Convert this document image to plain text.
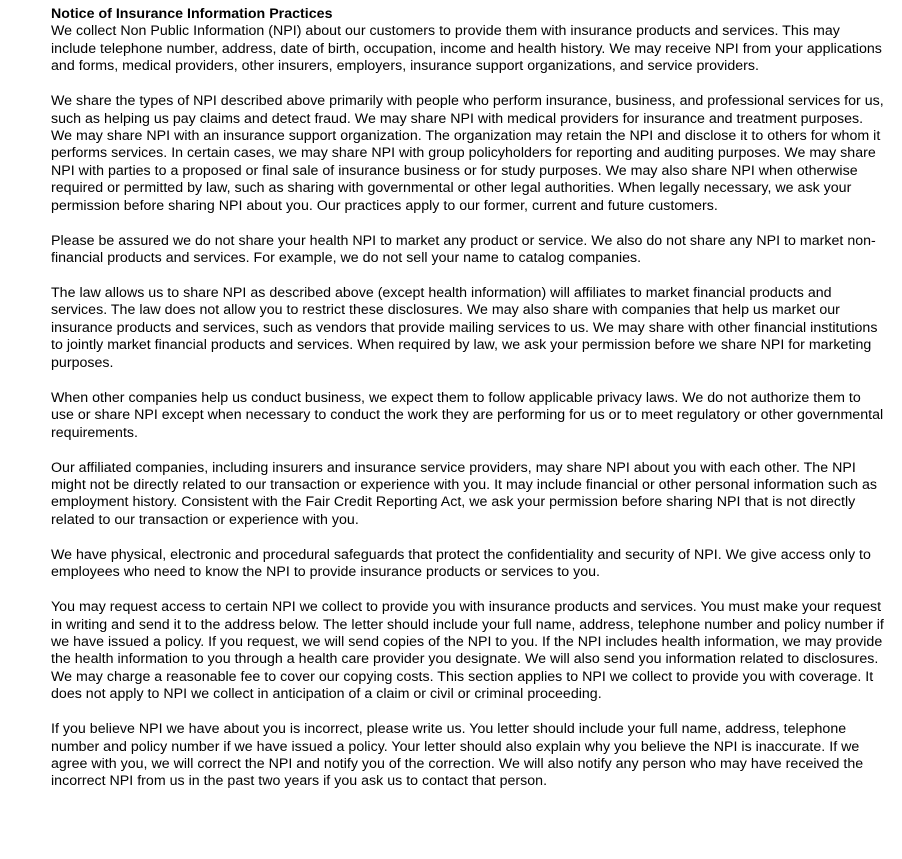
Notice of Insurance Information Practices

We collect Non Public Information (NPI) about our customers to provide them with insurance products and services. This may include telephone number, address, date of birth, occupation, income and health history. We may receive NPI from your applications and forms, medical providers, other insurers, employers, insurance support organizations, and service providers.

We share the types of NPI described above primarily with people who perform insurance, business, and professional services for us, such as helping us pay claims and detect fraud. We may share NPI with medical providers for insurance and treatment purposes. We may share NPI with an insurance support organization. The organization may retain the NPI and disclose it to others for whom it performs services. In certain cases, we may share NPI with group policyholders for reporting and auditing purposes. We may share NPI with parties to a proposed or final sale of insurance business or for study purposes. We may also share NPI when otherwise required or permitted by law, such as sharing with governmental or other legal authorities. When legally necessary, we ask your permission before sharing NPI about you. Our practices apply to our former, current and future customers.

Please be assured we do not share your health NPI to market any product or service. We also do not share any NPI to market non-financial products and services. For example, we do not sell your name to catalog companies.

The law allows us to share NPI as described above (except health information) will affiliates to market financial products and services. The law does not allow you to restrict these disclosures. We may also share with companies that help us market our insurance products and services, such as vendors that provide mailing services to us. We may share with other financial institutions to jointly market financial products and services. When required by law, we ask your permission before we share NPI for marketing purposes.

When other companies help us conduct business, we expect them to follow applicable privacy laws. We do not authorize them to use or share NPI except when necessary to conduct the work they are performing for us or to meet regulatory or other governmental requirements.

Our affiliated companies, including insurers and insurance service providers, may share NPI about you with each other. The NPI might not be directly related to our transaction or experience with you. It may include financial or other personal information such as employment history. Consistent with the Fair Credit Reporting Act, we ask your permission before sharing NPI that is not directly related to our transaction or experience with you.

We have physical, electronic and procedural safeguards that protect the confidentiality and security of NPI. We give access only to employees who need to know the NPI to provide insurance products or services to you.

You may request access to certain NPI we collect to provide you with insurance products and services. You must make your request in writing and send it to the address below. The letter should include your full name, address, telephone number and policy number if we have issued a policy. If you request, we will send copies of the NPI to you. If the NPI includes health information, we may provide the health information to you through a health care provider you designate. We will also send you information related to disclosures. We may charge a reasonable fee to cover our copying costs. This section applies to NPI we collect to provide you with coverage. It does not apply to NPI we collect in anticipation of a claim or civil or criminal proceeding.

If you believe NPI we have about you is incorrect, please write us. You letter should include your full name, address, telephone number and policy number if we have issued a policy. Your letter should also explain why you believe the NPI is inaccurate. If we agree with you, we will correct the NPI and notify you of the correction. We will also notify any person who may have received the incorrect NPI from us in the past two years if you ask us to contact that person.
